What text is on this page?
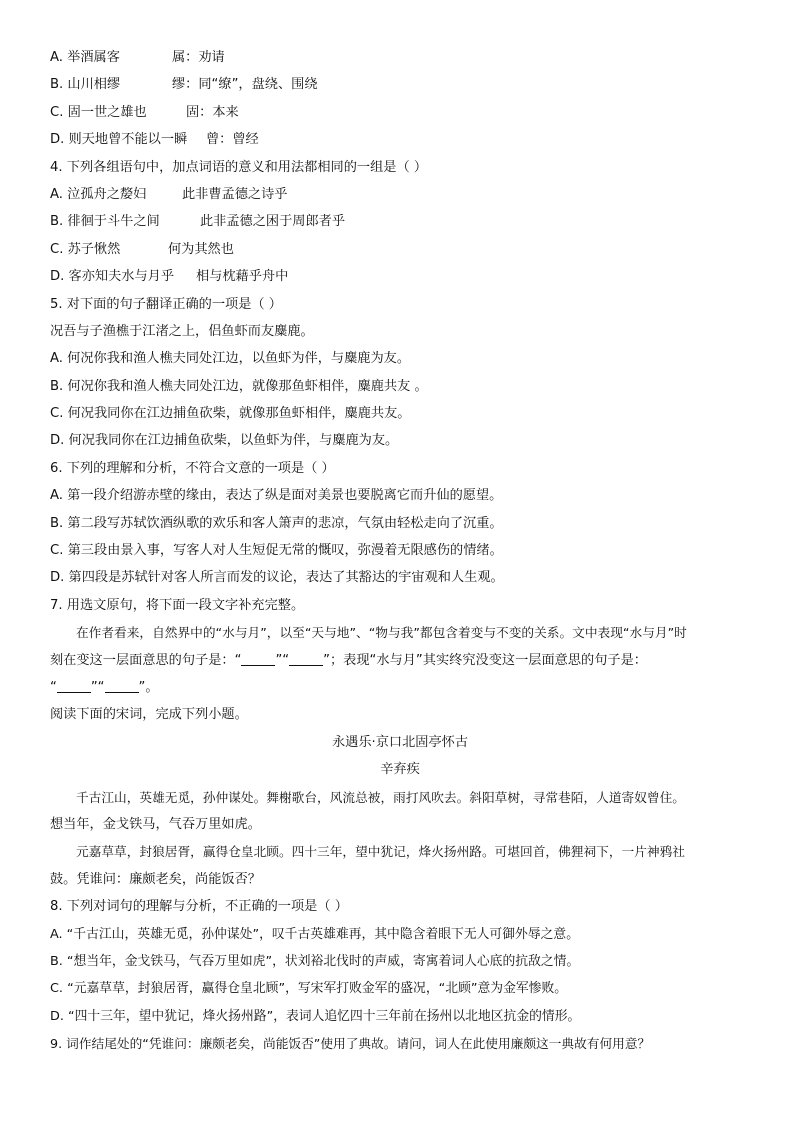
A. 举酒属客	属：劝请
B. 山川相缪	缪：同“缭”，盘绕、围绕
C. 固一世之雄也	固：本来
D. 则天地曾不能以一瞬 曾：曾经
4. 下列各组语句中，加点词语的意义和用法都相同的一组是（ ）
A. 泣孤舟之嫠妇	此非曹孟德之诗乎
B. 徘徊于斗牛之间	此非孟德之困于周郎者乎
C. 苏子愀然	何为其然也
D. 客亦知夫水与月乎 相与枕藉乎舟中
5. 对下面的句子翻译正确的一项是（ ）
况吾与子渔樵于江渚之上，侣鱼虾而友麋鹿。
A. 何况你我和渔人樵夫同处江边，以鱼虾为伴，与麋鹿为友。
B. 何况你我和渔人樵夫同处江边，就像那鱼虾相伴，麋鹿共友 。
C. 何况我同你在江边捕鱼砍柴，就像那鱼虾相伴，麋鹿共友。
D. 何况我同你在江边捕鱼砍柴，以鱼虾为伴，与麋鹿为友。
6. 下列的理解和分析，不符合文意的一项是（ ）
A. 第一段介绍游赤壁的缘由，表达了纵是面对美景也要脱离它而升仙的愿望。
B. 第二段写苏轼饮酒纵歌的欢乐和客人箫声的悲凉，气氛由轻松走向了沉重。
C. 第三段由景入事，写客人对人生短促无常的慨叹，弥漫着无限感伤的情绪。
D. 第四段是苏轼针对客人所言而发的议论，表达了其豁达的宇宙观和人生观。
7. 用选文原句，将下面一段文字补充完整。
在作者看来，自然界中的“水与月”，以至“天与地”、“物与我”都包含着变与不变的关系。文中表现“水与月”时
刻在变这一层面意思的句子是：“	”“	”；表现“水与月”其实终究没变这一层面意思的句子是：
“	”“	”。
阅读下面的宋词，完成下列小题。
永遇乐·京口北固亭怀古
辛弃疾
千古江山，英雄无觅，孙仲谋处。舞榭歌台，风流总被，雨打风吹去。斜阳草树，寻常巷陌，人道寄奴曾住。
想当年，金戈铁马，气吞万里如虎。
元嘉草草，封狼居胥，赢得仓皇北顾。四十三年，望中犹记，烽火扬州路。可堪回首，佛狸祠下，一片神鸦社
鼓。凭谁问：廉颇老矣，尚能饭否？
8. 下列对词句的理解与分析，不正确的一项是（ ）
A. “千古江山，英雄无觅，孙仲谋处”，叹千古英雄难再，其中隐含着眼下无人可御外辱之意。
B. “想当年，金戈铁马，气吞万里如虎”，状刘裕北伐时的声威，寄寓着词人心底的抗敌之情。
C. “元嘉草草，封狼居胥，赢得仓皇北顾”，写宋军打败金军的盛况，“北顾”意为金军惨败。
D. “四十三年，望中犹记，烽火扬州路”，表词人追忆四十三年前在扬州以北地区抗金的情形。
9. 词作结尾处的“凭谁问：廉颇老矣，尚能饭否”使用了典故。请问，词人在此使用廉颇这一典故有何用意？
